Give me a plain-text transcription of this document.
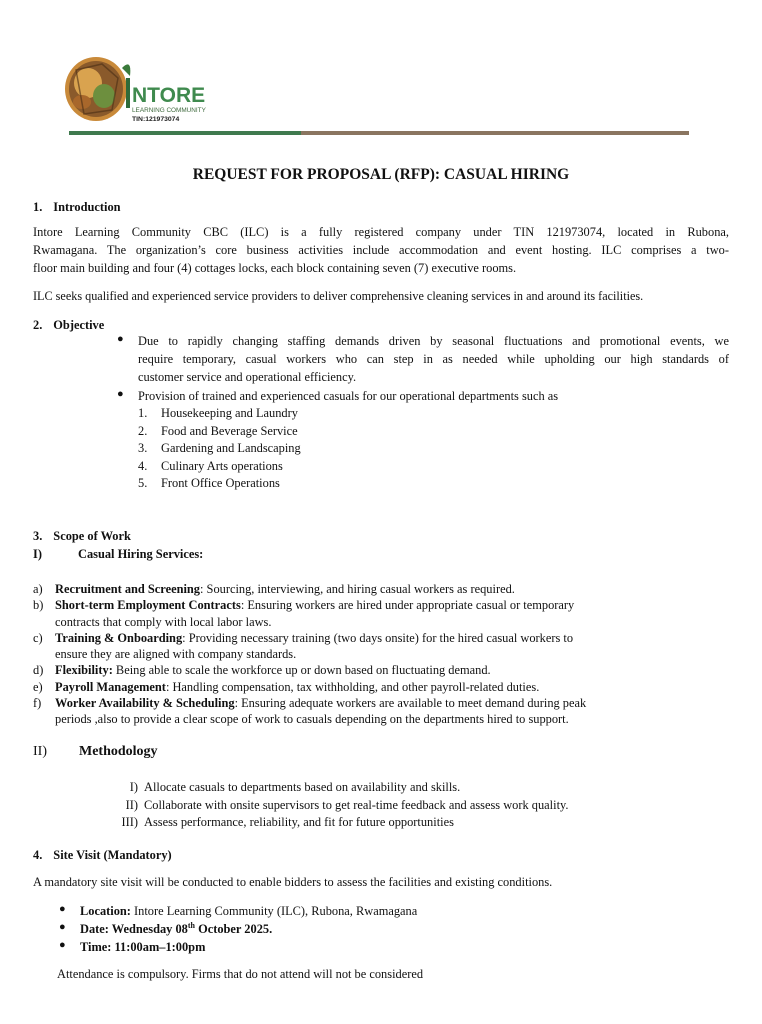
NTORE
LEARNING COMMUNITY
TIN:121973074
REQUEST FOR PROPOSAL (RFP): CASUAL HIRING
1. Introduction
Intore Learning Community CBC (ILC) is a fully registered company under TIN 121973074, located in Rubona,
Rwamagana. The organization’s core business activities include accommodation and event hosting. ILC comprises a two-
floor main building and four (4) cottages locks, each block containing seven (7) executive rooms.
ILC seeks qualified and experienced service providers to deliver comprehensive cleaning services in and around its facilities.
2. Objective
● Due to rapidly changing staffing demands driven by seasonal fluctuations and promotional events, we
require temporary, casual workers who can step in as needed while upholding our high standards of
customer service and operational efficiency.
● Provision of trained and experienced casuals for our operational departments such as
1. Housekeeping and Laundry
2. Food and Beverage Service
3. Gardening and Landscaping
4. Culinary Arts operations
5. Front Office Operations
3. Scope of Work
I)	Casual Hiring Services:
a) Recruitment and Screening: Sourcing, interviewing, and hiring casual workers as required.
b) Short-term Employment Contracts: Ensuring workers are hired under appropriate casual or temporary
contracts that comply with local labor laws.
c) Training & Onboarding: Providing necessary training (two days onsite) for the hired casual workers to
ensure they are aligned with company standards.
d) Flexibility: Being able to scale the workforce up or down based on fluctuating demand.
e) Payroll Management: Handling compensation, tax withholding, and other payroll-related duties.
f) Worker Availability & Scheduling: Ensuring adequate workers are available to meet demand during peak
periods ,also to provide a clear scope of work to casuals depending on the departments hired to support.
II) Methodology
I) Allocate casuals to departments based on availability and skills.
II) Collaborate with onsite supervisors to get real-time feedback and assess work quality.
III) Assess performance, reliability, and fit for future opportunities
4. Site Visit (Mandatory)
A mandatory site visit will be conducted to enable bidders to assess the facilities and existing conditions.
● Location: Intore Learning Community (ILC), Rubona, Rwamagana
● Date: Wednesday 08th October 2025.
● Time: 11:00am–1:00pm
Attendance is compulsory. Firms that do not attend will not be considered
